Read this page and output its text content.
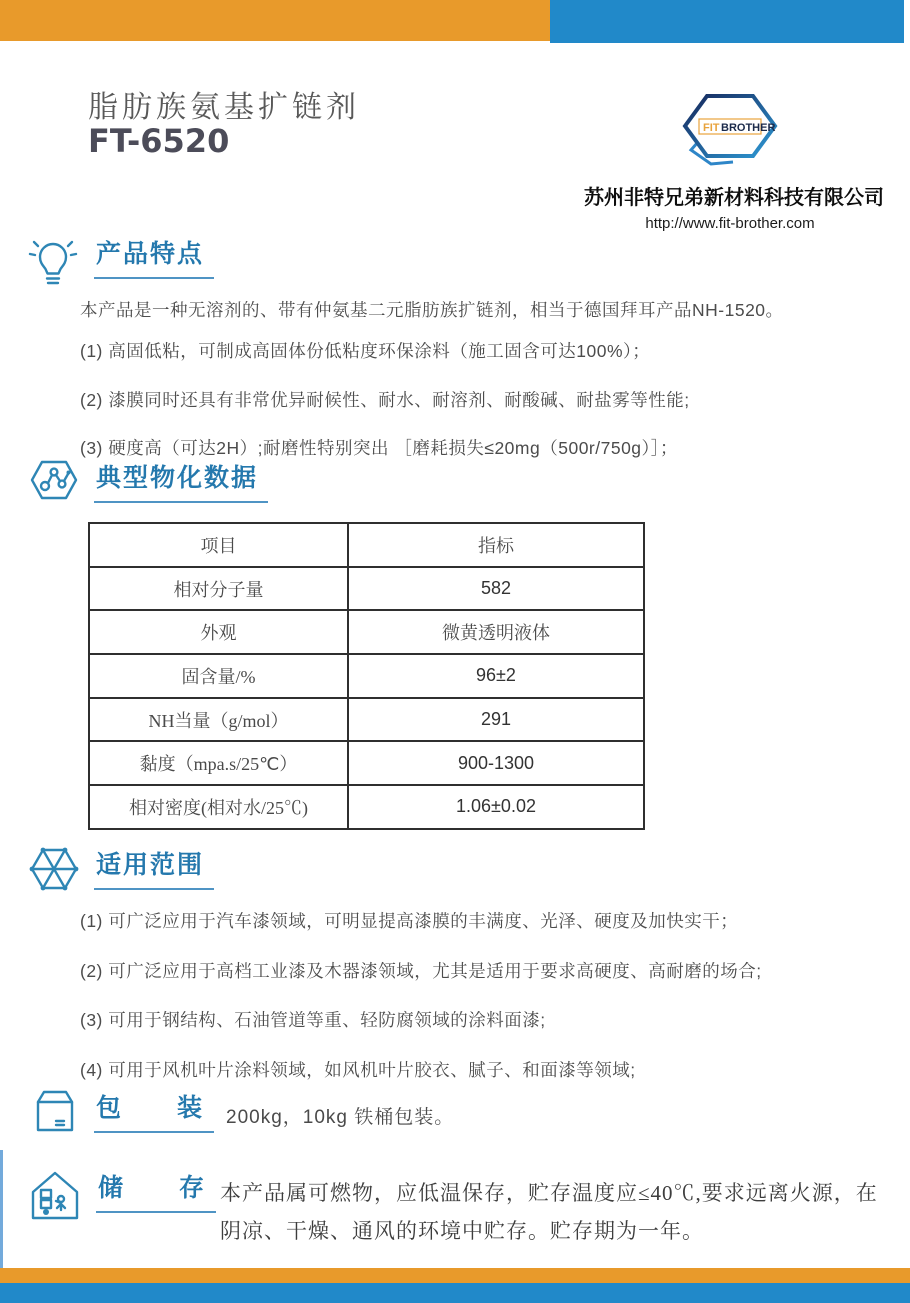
脂肪族氨基扩链剂
FT-6520	FIT BROTHER
苏州非特兄弟新材料科技有限公司
http://www.fit-brother.com
产品特点
本产品是一种无溶剂的、带有仲氨基二元脂肪族扩链剂，相当于德国拜耳产品NH-1520。
(1) 高固低粘，可制成高固体份低粘度环保涂料（施工固含可达100%）；
(2) 漆膜同时还具有非常优异耐候性、耐水、耐溶剂、耐酸碱、耐盐雾等性能;
(3) 硬度高（可达2H）;耐磨性特别突出 ［磨耗损失≤20mg（500r/750g）］；
典型物化数据
项目	指标
相对分子量	582
外观	微黄透明液体
固含量/%	96±2
NH当量（g/mol）	291
黏度（mpa.s/25℃）	900-1300
相对密度(相对水/25℃)	1.06±0.02
适用范围
(1) 可广泛应用于汽车漆领域，可明显提高漆膜的丰满度、光泽、硬度及加快实干；
(2) 可广泛应用于高档工业漆及木器漆领域，尤其是适用于要求高硬度、高耐磨的场合;
(3) 可用于钢结构、石油管道等重、轻防腐领域的涂料面漆;
(4) 可用于风机叶片涂料领域，如风机叶片胶衣、腻子、和面漆等领域;
包　　装	200kg，10kg 铁桶包装。
储　　存 本产品属可燃物，应低温保存，贮存温度应≤40℃,要求远离火源，在阴凉、干燥、通风的环境中贮存。贮存期为一年。
